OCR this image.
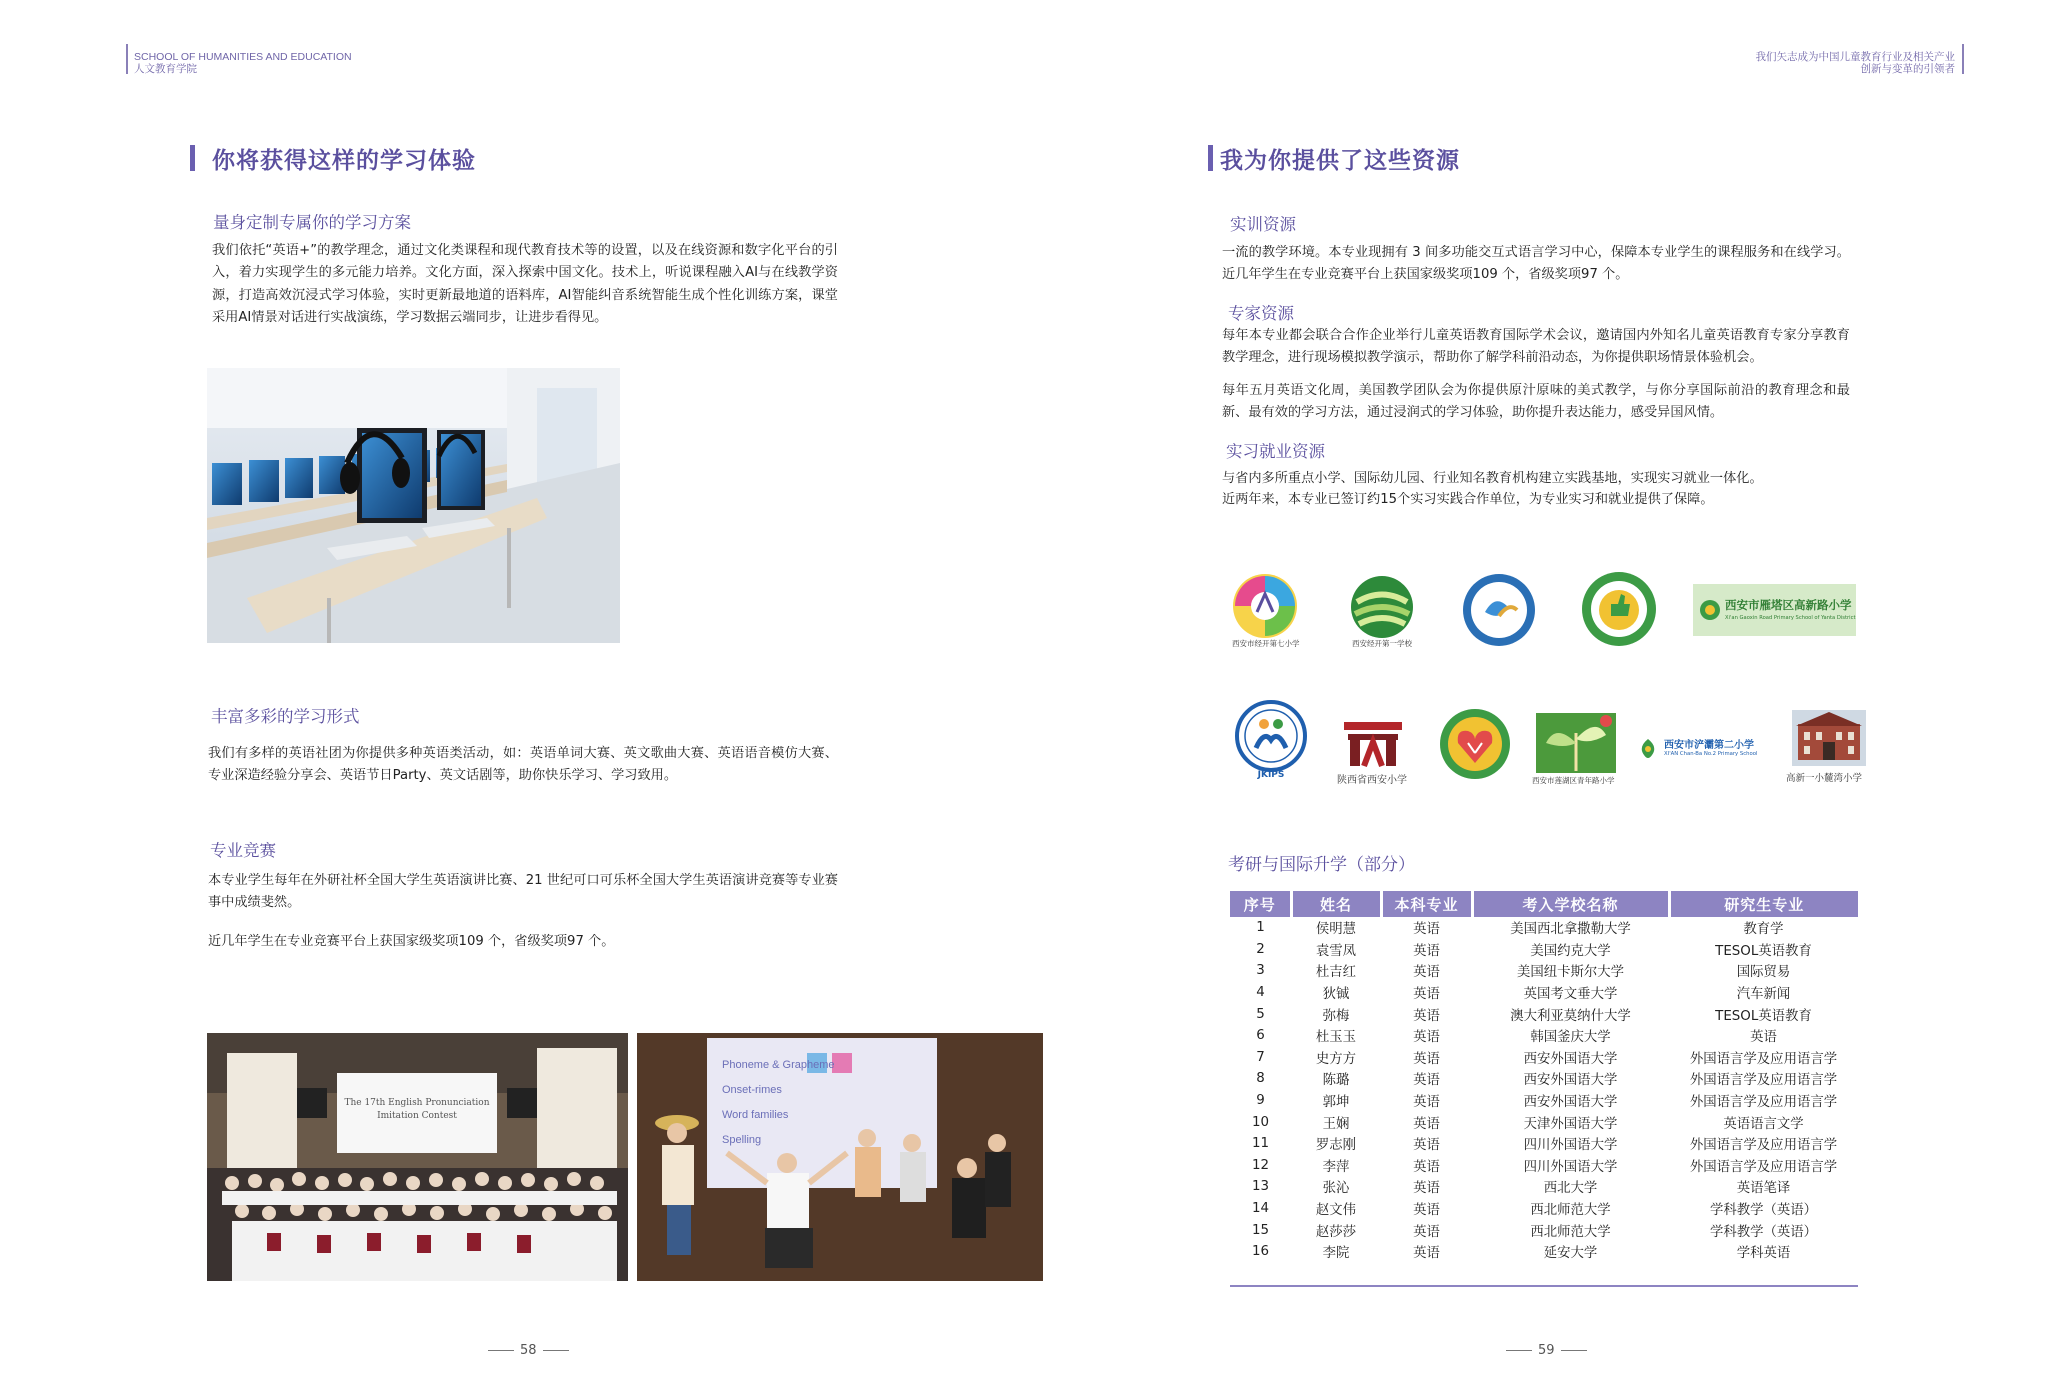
SCHOOL OF HUMANITIES AND EDUCATION
人文教育学院
我们矢志成为中国儿童教育行业及相关产业
创新与变革的引领者
你将获得这样的学习体验
量身定制专属你的学习方案
我们依托“英语+”的教学理念，通过文化类课程和现代教育技术等的设置，以及在线资源和数字化平台的引入，着力实现学生的多元能力培养。文化方面，深入探索中国文化。技术上，听说课程融入AI与在线教学资源，打造高效沉浸式学习体验，实时更新最地道的语料库，AI智能纠音系统智能生成个性化训练方案，课堂采用AI情景对话进行实战演练，学习数据云端同步，让进步看得见。
丰富多彩的学习形式
我们有多样的英语社团为你提供多种英语类活动，如：英语单词大赛、英文歌曲大赛、英语语音模仿大赛、专业深造经验分享会、英语节日Party、英文话剧等，助你快乐学习、学习致用。
专业竞赛
本专业学生每年在外研社杯全国大学生英语演讲比赛、21 世纪可口可乐杯全国大学生英语演讲竞赛等专业赛事中成绩斐然。
近几年学生在专业竞赛平台上获国家级奖项109 个，省级奖项97 个。
The 17th English Pronunciation
Imitation Contest
Phoneme & Grapheme
Onset-rimes
Word families
Spelling
58
我为你提供了这些资源
实训资源
一流的教学环境。本专业现拥有 3 间多功能交互式语言学习中心，保障本专业学生的课程服务和在线学习。近几年学生在专业竞赛平台上获国家级奖项109 个，省级奖项97 个。
专家资源
每年本专业都会联合合作企业举行儿童英语教育国际学术会议，邀请国内外知名儿童英语教育专家分享教育教学理念，进行现场模拟教学演示，帮助你了解学科前沿动态，为你提供职场情景体验机会。
每年五月英语文化周，美国教学团队会为你提供原汁原味的美式教学，与你分享国际前沿的教育理念和最新、最有效的学习方法，通过浸润式的学习体验，助你提升表达能力，感受异国风情。
实习就业资源
与省内多所重点小学、国际幼儿园、行业知名教育机构建立实践基地，实现实习就业一体化。
近两年来，本专业已签订约15个实习实践合作单位，为专业实习和就业提供了保障。
西安市经开第七小学	西安经开第一学校
西安市雁塔区高新路小学
Xi'an Gaoxin Road Primary School of Yanta District
JKIPS	陕西省西安小学	西安市莲湖区青年路小学
西安市浐灞第二小学
XI'AN Chan-Ba No.2 Primary School
高新一小麓湾小学
考研与国际升学（部分）
序号	姓名	本科专业	考入学校名称	研究生专业
1	侯明慧	英语	美国西北拿撒勒大学	教育学
2	袁雪凤	英语	美国约克大学	TESOL英语教育
3	杜吉红	英语	美国纽卡斯尔大学	国际贸易
4	狄铖	英语	英国考文垂大学	汽车新闻
5	弥梅	英语	澳大利亚莫纳什大学	TESOL英语教育
6	杜玉玉	英语	韩国釜庆大学	英语
7	史方方	英语	西安外国语大学	外国语言学及应用语言学
8	陈璐	英语	西安外国语大学	外国语言学及应用语言学
9	郭坤	英语	西安外国语大学	外国语言学及应用语言学
10	王娴	英语	天津外国语大学	英语语言文学
11	罗志刚	英语	四川外国语大学	外国语言学及应用语言学
12	李萍	英语	四川外国语大学	外国语言学及应用语言学
13	张沁	英语	西北大学	英语笔译
14	赵文伟	英语	西北师范大学	学科教学（英语）
15	赵莎莎	英语	西北师范大学	学科教学（英语）
16	李院	英语	延安大学	学科英语
59
